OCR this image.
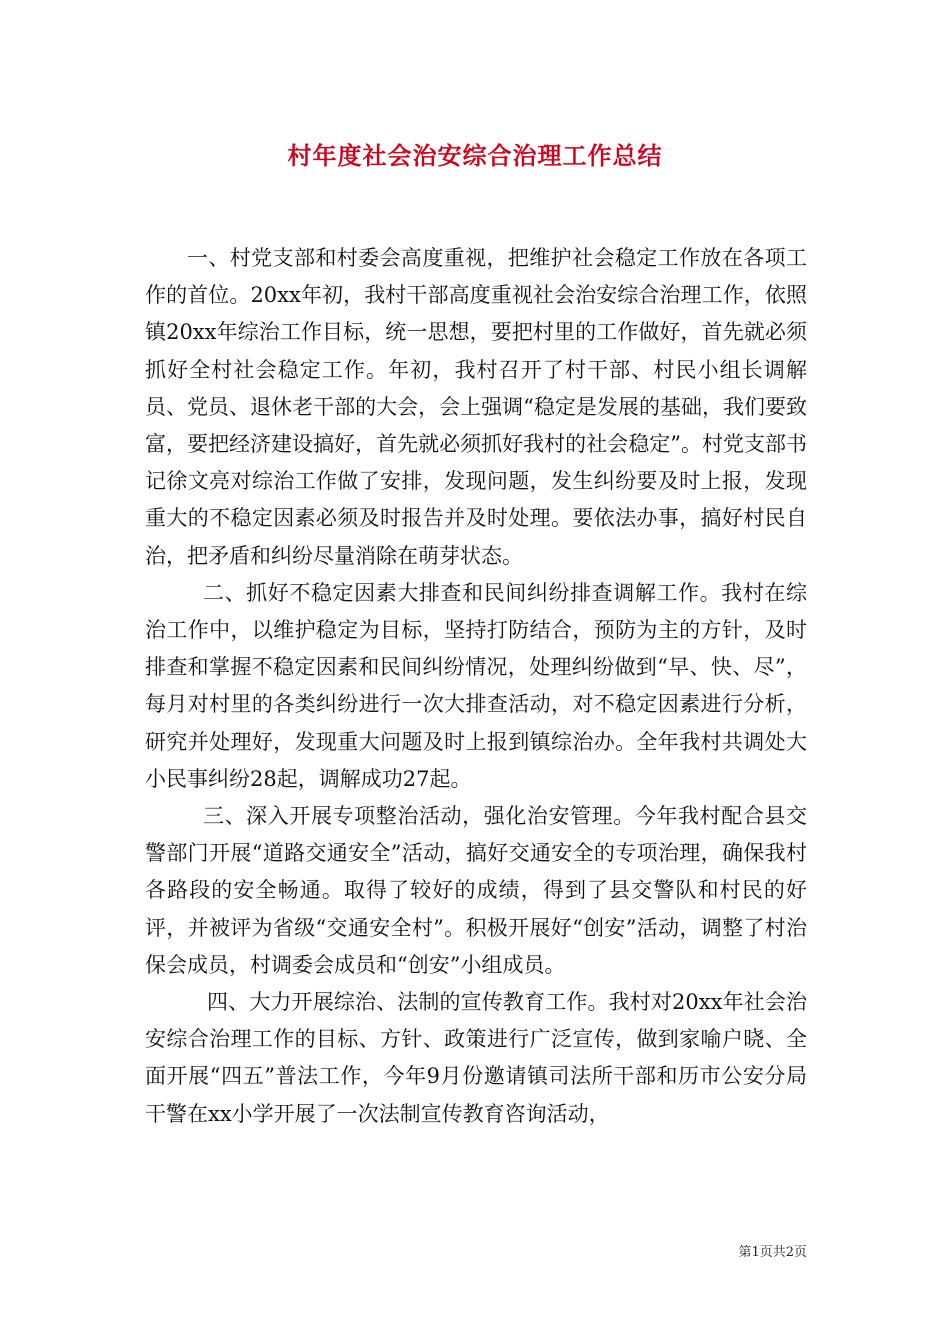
村年度社会治安综合治理工作总结

一、村党支部和村委会高度重视，把维护社会稳定工作放在各项工作的首位。20xx年初，我村干部高度重视社会治安综合治理工作，依照镇20xx年综治工作目标，统一思想，要把村里的工作做好，首先就必须抓好全村社会稳定工作。年初，我村召开了村干部、村民小组长调解员、党员、退休老干部的大会，会上强调“稳定是发展的基础，我们要致富，要把经济建设搞好，首先就必须抓好我村的社会稳定”。村党支部书记徐文亮对综治工作做了安排，发现问题，发生纠纷要及时上报，发现重大的不稳定因素必须及时报告并及时处理。要依法办事，搞好村民自治，把矛盾和纠纷尽量消除在萌芽状态。

二、抓好不稳定因素大排查和民间纠纷排查调解工作。我村在综治工作中，以维护稳定为目标，坚持打防结合，预防为主的方针，及时排查和掌握不稳定因素和民间纠纷情况，处理纠纷做到“早、快、尽”，每月对村里的各类纠纷进行一次大排查活动，对不稳定因素进行分析，研究并处理好，发现重大问题及时上报到镇综治办。全年我村共调处大小民事纠纷28起，调解成功27起。

三、深入开展专项整治活动，强化治安管理。今年我村配合县交警部门开展“道路交通安全”活动，搞好交通安全的专项治理，确保我村各路段的安全畅通。取得了较好的成绩，得到了县交警队和村民的好评，并被评为省级“交通安全村”。积极开展好“创安”活动，调整了村治保会成员，村调委会成员和“创安”小组成员。

四、大力开展综治、法制的宣传教育工作。我村对20xx年社会治安综合治理工作的目标、方针、政策进行广泛宣传，做到家喻户晓、全面开展“四五”普法工作，今年9月份邀请镇司法所干部和历市公安分局干警在xx小学开展了一次法制宣传教育咨询活动，

第1页共2页
